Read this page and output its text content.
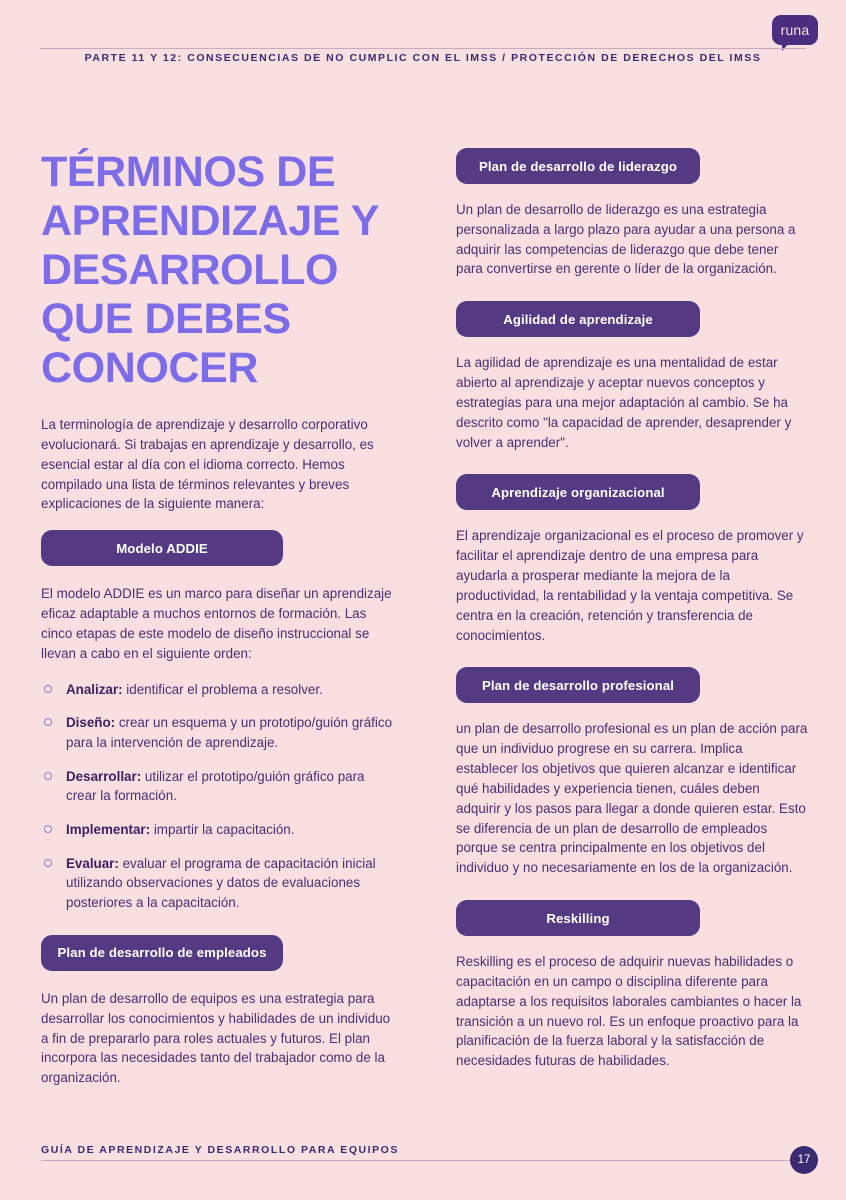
runa
PARTE 11 Y 12: CONSECUENCIAS DE NO CUMPLIC CON EL IMSS / PROTECCIÓN DE DERECHOS DEL IMSS
TÉRMINOS DE APRENDIZAJE Y DESARROLLO QUE DEBES CONOCER

La terminología de aprendizaje y desarrollo corporativo evolucionará. Si trabajas en aprendizaje y desarrollo, es esencial estar al día con el idioma correcto. Hemos compilado una lista de términos relevantes y breves explicaciones de la siguiente manera:

Modelo ADDIE

El modelo ADDIE es un marco para diseñar un aprendizaje eficaz adaptable a muchos entornos de formación. Las cinco etapas de este modelo de diseño instruccional se llevan a cabo en el siguiente orden:

Analizar: identificar el problema a resolver.
Diseño: crear un esquema y un prototipo/guión gráfico para la intervención de aprendizaje.
Desarrollar: utilizar el prototipo/guión gráfico para crear la formación.
Implementar: impartir la capacitación.
Evaluar: evaluar el programa de capacitación inicial utilizando observaciones y datos de evaluaciones posteriores a la capacitación.
Plan de desarrollo de empleados

Un plan de desarrollo de equipos es una estrategia para desarrollar los conocimientos y habilidades de un individuo a fin de prepararlo para roles actuales y futuros. El plan incorpora las necesidades tanto del trabajador como de la organización.

Plan de desarrollo de liderazgo

Un plan de desarrollo de liderazgo es una estrategia personalizada a largo plazo para ayudar a una persona a adquirir las competencias de liderazgo que debe tener para convertirse en gerente o líder de la organización.

Agilidad de aprendizaje

La agilidad de aprendizaje es una mentalidad de estar abierto al aprendizaje y aceptar nuevos conceptos y estrategias para una mejor adaptación al cambio. Se ha descrito como "la capacidad de aprender, desaprender y volver a aprender".

Aprendizaje organizacional

El aprendizaje organizacional es el proceso de promover y facilitar el aprendizaje dentro de una empresa para ayudarla a prosperar mediante la mejora de la productividad, la rentabilidad y la ventaja competitiva. Se centra en la creación, retención y transferencia de conocimientos.

Plan de desarrollo profesional

un plan de desarrollo profesional es un plan de acción para que un individuo progrese en su carrera. Implica establecer los objetivos que quieren alcanzar e identificar qué habilidades y experiencia tienen, cuáles deben adquirir y los pasos para llegar a donde quieren estar. Esto se diferencia de un plan de desarrollo de empleados porque se centra principalmente en los objetivos del individuo y no necesariamente en los de la organización.

Reskilling

Reskilling es el proceso de adquirir nuevas habilidades o capacitación en un campo o disciplina diferente para adaptarse a los requisitos laborales cambiantes o hacer la transición a un nuevo rol. Es un enfoque proactivo para la planificación de la fuerza laboral y la satisfacción de necesidades futuras de habilidades.

GUÍA DE APRENDIZAJE Y DESARROLLO PARA EQUIPOS
17
